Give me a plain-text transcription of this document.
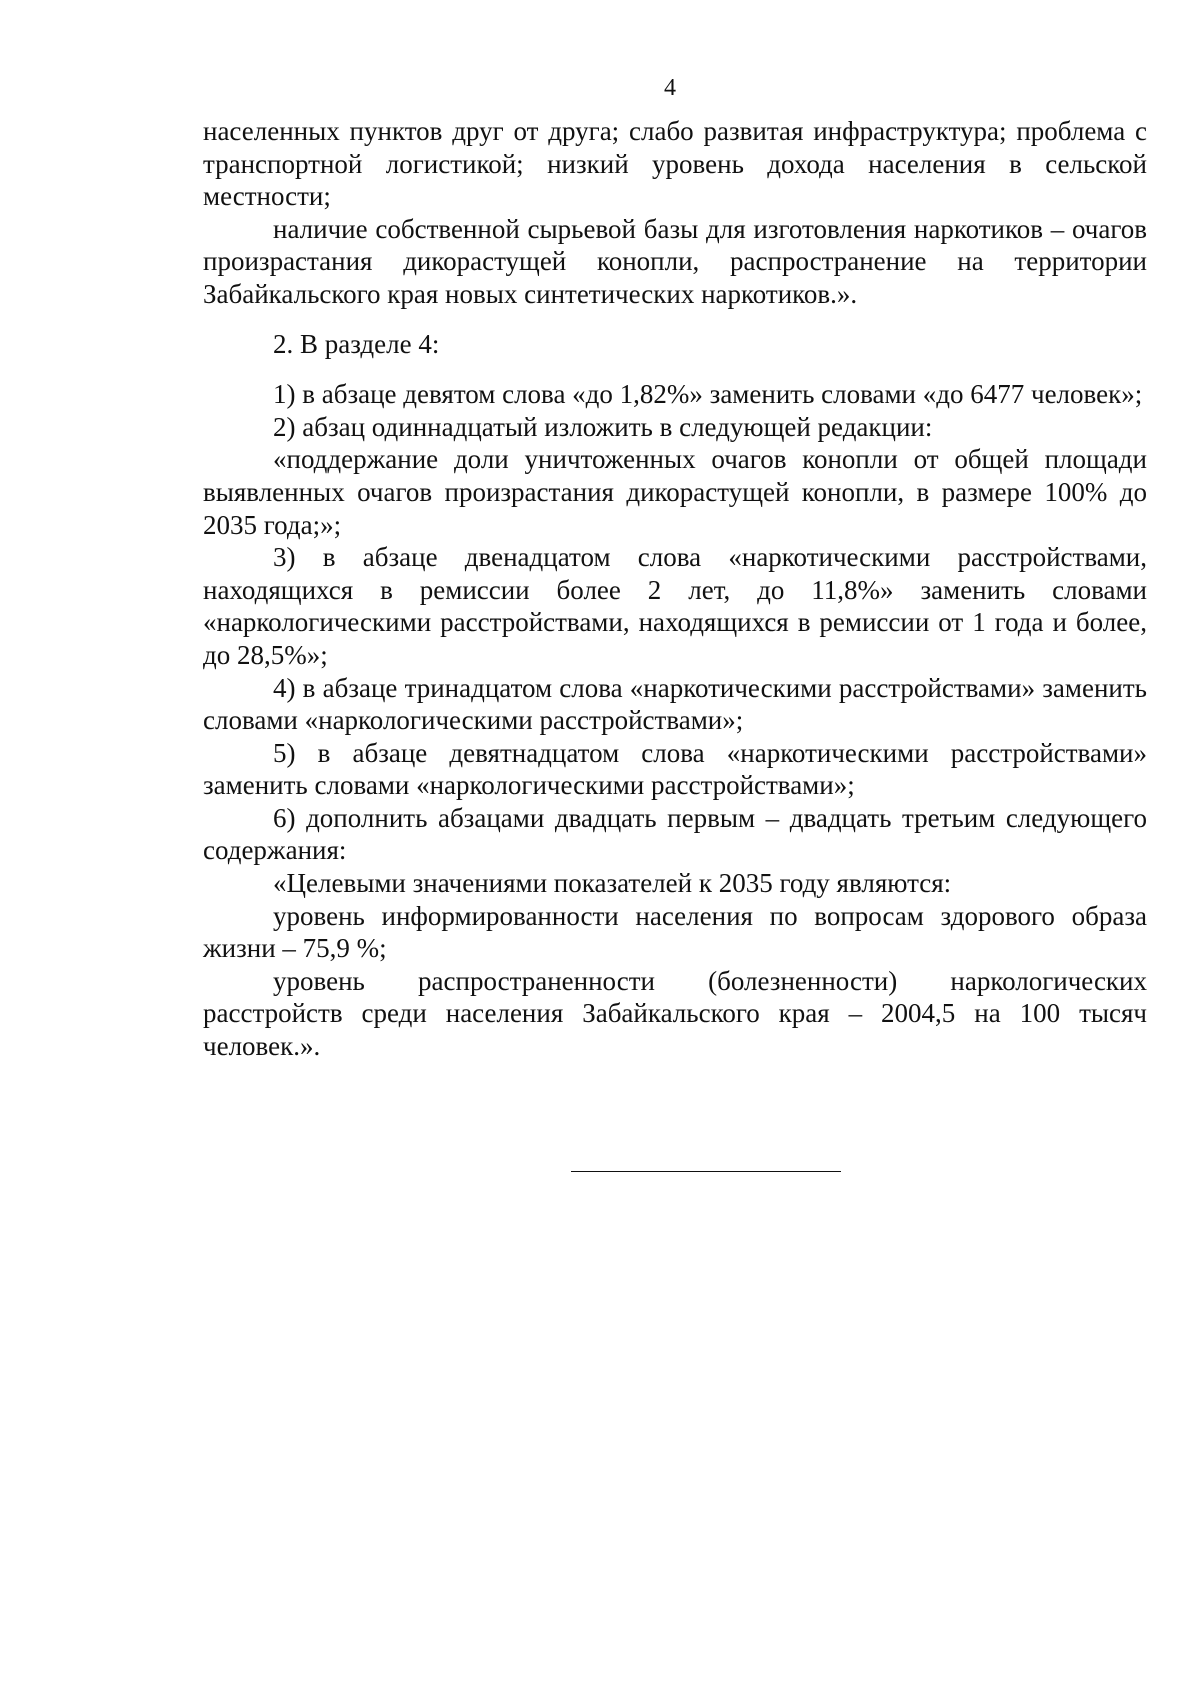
4

населенных пунктов друг от друга; слабо развитая инфраструктура; проблема с транспортной логистикой; низкий уровень дохода населения в сельской местности;

наличие собственной сырьевой базы для изготовления наркотиков – очагов произрастания дикорастущей конопли, распространение на территории Забайкальского края новых синтетических наркотиков.».

2. В разделе 4:

1) в абзаце девятом слова «до 1,82%» заменить словами «до 6477 человек»;

2) абзац одиннадцатый изложить в следующей редакции:

«поддержание доли уничтоженных очагов конопли от общей площади выявленных очагов произрастания дикорастущей конопли, в размере 100% до 2035 года;»;

3) в абзаце двенадцатом слова «наркотическими расстройствами, находящихся в ремиссии более 2 лет, до 11,8%» заменить словами «наркологическими расстройствами, находящихся в ремиссии от 1 года и более, до 28,5%»;

4) в абзаце тринадцатом слова «наркотическими расстройствами» заменить словами «наркологическими расстройствами»;

5) в абзаце девятнадцатом слова «наркотическими расстройствами» заменить словами «наркологическими расстройствами»;

6) дополнить абзацами двадцать первым – двадцать третьим следующего содержания:

«Целевыми значениями показателей к 2035 году являются:

уровень информированности населения по вопросам здорового образа жизни – 75,9 %;

уровень распространенности (болезненности) наркологических расстройств среди населения Забайкальского края – 2004,5 на 100 тысяч человек.».
